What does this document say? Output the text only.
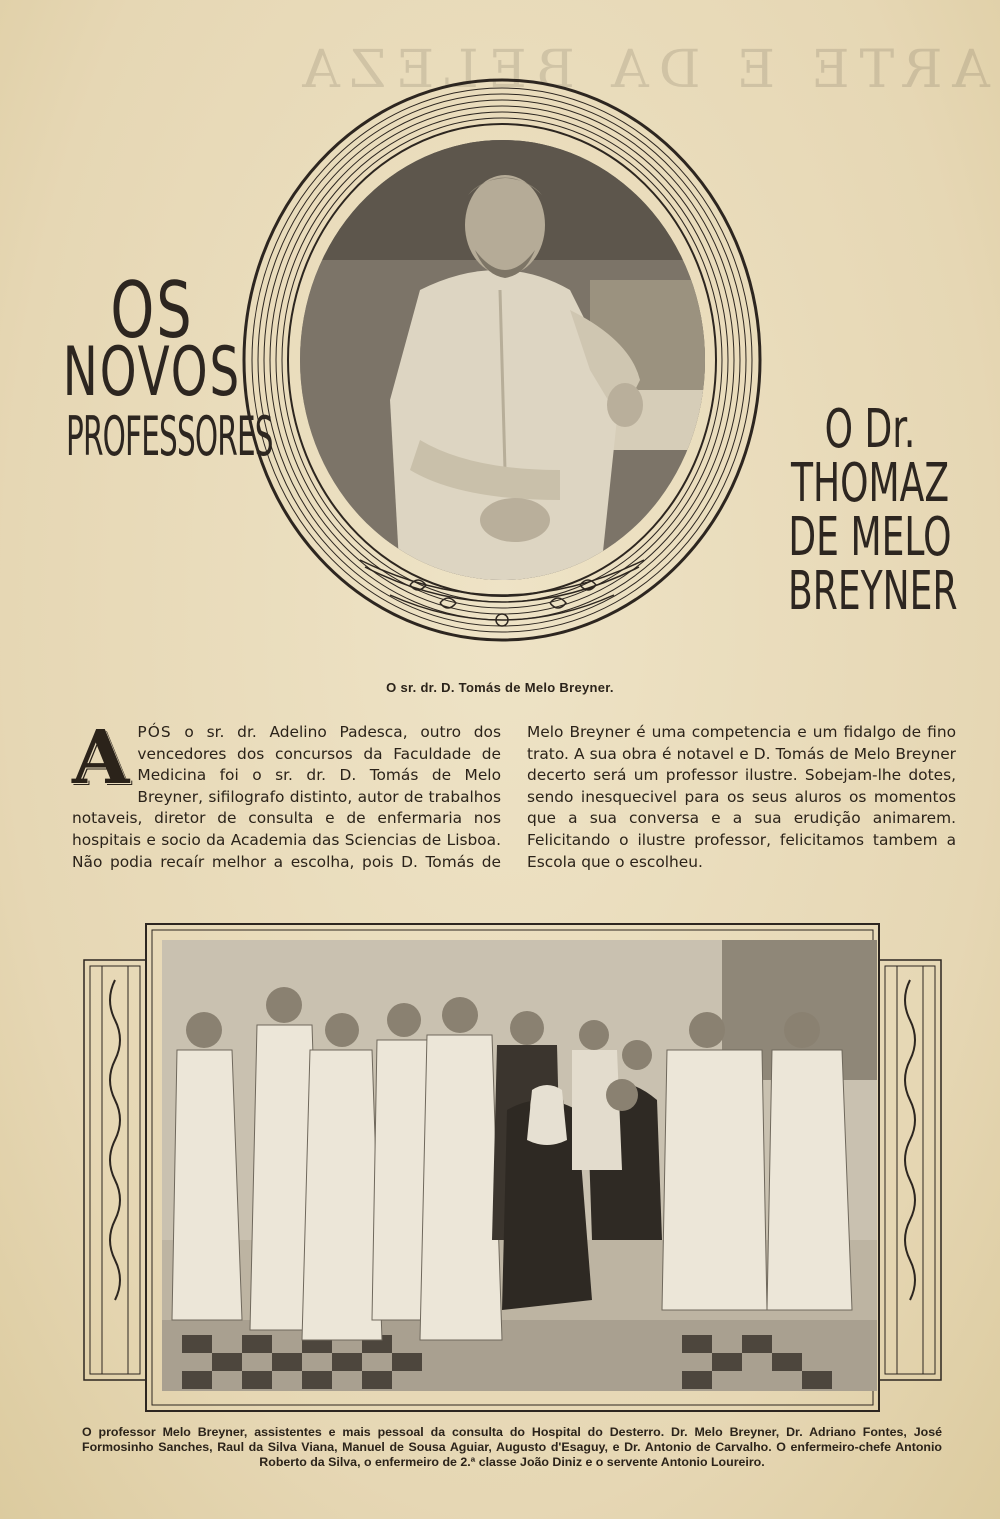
ARTE E DA BELEZA
OS
NOVOS
PROFESSORES	O Dr.
THOMAZ
DE MELO
BREYNER
O sr. dr. D. Tomás de Melo Breyner.

APÓS o sr. dr. Adelino Padesca, outro dos vencedores dos concursos da Faculdade de Medicina foi o sr. dr. D. Tomás de Melo Breyner, sifilografo distinto, autor de trabalhos notaveis, diretor de consulta e de enfermaria nos hospitais e socio da Academia das Sciencias de Lisboa. Não podia recaír melhor a escolha, pois D. Tomás de Melo Breyner é uma competencia e um fidalgo de fino trato. A sua obra é notavel e D. Tomás de Melo Breyner decerto será um professor ilustre. Sobejam-lhe dotes, sendo inesquecivel para os seus aluros os momentos que a sua conversa e a sua erudição animarem. Felicitando o ilustre professor, felicitamos tambem a Escola que o escolheu.

O professor Melo Breyner, assistentes e mais pessoal da consulta do Hospital do Desterro. Dr. Melo Breyner, Dr. Adriano Fontes, José Formosinho Sanches, Raul da Silva Viana, Manuel de Sousa Aguiar, Augusto d'Esaguy, e Dr. Antonio de Carvalho. O enfermeiro-chefe Antonio Roberto da Silva, o enfermeiro de 2.ª classe João Diniz e o servente Antonio Loureiro.
